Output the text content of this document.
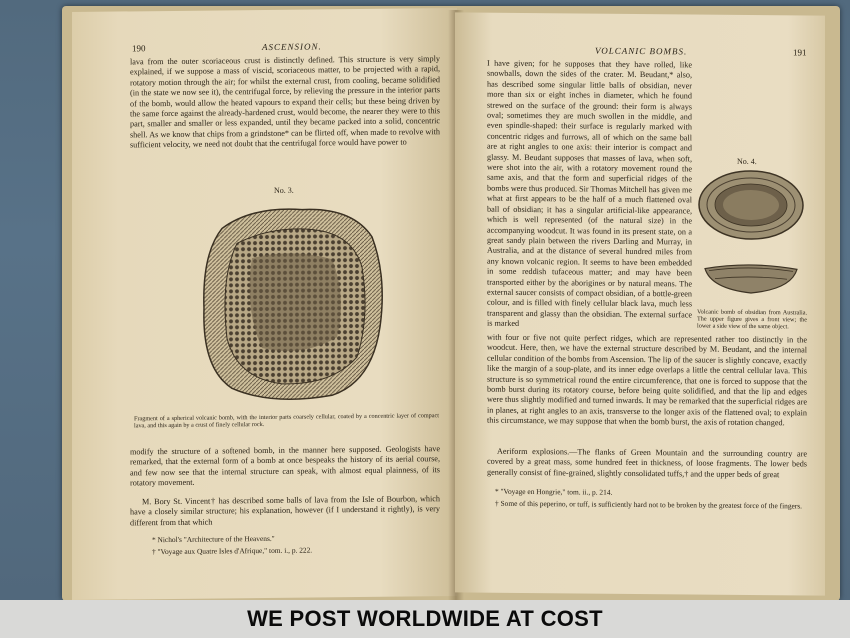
190	ASCENSION.
lava from the outer scoriaceous crust is distinctly defined. This structure is very simply explained, if we suppose a mass of viscid, scoriaceous matter, to be projected with a rapid, rotatory motion through the air; for whilst the external crust, from cooling, became solidified (in the state we now see it), the centrifugal force, by relieving the pressure in the interior parts of the bomb, would allow the heated vapours to expand their cells; but these being driven by the same force against the already-hardened crust, would become, the nearer they were to this part, smaller and smaller or less expanded, until they became packed into a solid, concentric shell. As we know that chips from a grindstone* can be flirted off, when made to revolve with sufficient velocity, we need not doubt that the centrifugal force would have power to
No. 3.
Fragment of a spherical volcanic bomb, with the interior parts coarsely cellular, coated by a concentric layer of compact lava, and this again by a crust of finely cellular rock.
modify the structure of a softened bomb, in the manner here supposed. Geologists have remarked, that the external form of a bomb at once bespeaks the history of its aerial course, and few now see that the internal structure can speak, with almost equal plainness, of its rotatory movement.
M. Bory St. Vincent† has described some balls of lava from the Isle of Bourbon, which have a closely similar structure; his explanation, however (if I understand it rightly), is very different from that which
* Nichol's "Architecture of the Heavens."
† "Voyage aux Quatre Isles d'Afrique," tom. i., p. 222.
VOLCANIC BOMBS.	191
I have given; for he supposes that they have rolled, like snowballs, down the sides of the crater. M. Beudant,* also, has described some singular little balls of obsidian, never more than six or eight inches in diameter, which he found strewed on the surface of the ground: their form is always oval; sometimes they are much swollen in the middle, and even spindle-shaped: their surface is regularly marked with concentric ridges and furrows, all of which on the same ball are at right angles to one axis: their interior is compact and glassy. M. Beudant supposes that masses of lava, when soft, were shot into the air, with a rotatory movement round the same axis, and that the form and superficial ridges of the bombs were thus produced. Sir Thomas Mitchell has given me what at first appears to be the half of a much flattened oval ball of obsidian; it has a singular artificial-like appearance, which is well represented (of the natural size) in the accompanying woodcut. It was found in its present state, on a great sandy plain between the rivers Darling and Murray, in Australia, and at the distance of several hundred miles from any known volcanic region. It seems to have been embedded in some reddish tufaceous matter; and may have been transported either by the aborigines or by natural means. The external saucer consists of compact obsidian, of a bottle-green colour, and is filled with finely cellular black lava, much less transparent and glassy than the obsidian. The external surface is marked
No. 4.
Volcanic bomb of obsidian from Australia. The upper figure gives a front view; the lower a side view of the same object.
with four or five not quite perfect ridges, which are represented rather too distinctly in the woodcut. Here, then, we have the external structure described by M. Beudant, and the internal cellular condition of the bombs from Ascension. The lip of the saucer is slightly concave, exactly like the margin of a soup-plate, and its inner edge overlaps a little the central cellular lava. This structure is so symmetrical round the entire circumference, that one is forced to suppose that the bomb burst during its rotatory course, before being quite solidified, and that the lip and edges were thus slightly modified and turned inwards. It may be remarked that the superficial ridges are in planes, at right angles to an axis, transverse to the longer axis of the flattened oval; to explain this circumstance, we may suppose that when the bomb burst, the axis of rotation changed.
Aeriform explosions.—The flanks of Green Mountain and the surrounding country are covered by a great mass, some hundred feet in thickness, of loose fragments. The lower beds generally consist of fine-grained, slightly consolidated tuffs,† and the upper beds of great
* "Voyage en Hongrie," tom. ii., p. 214.
† Some of this peperino, or tuff, is sufficiently hard not to be broken by the greatest force of the fingers.
WE POST WORLDWIDE AT COST
